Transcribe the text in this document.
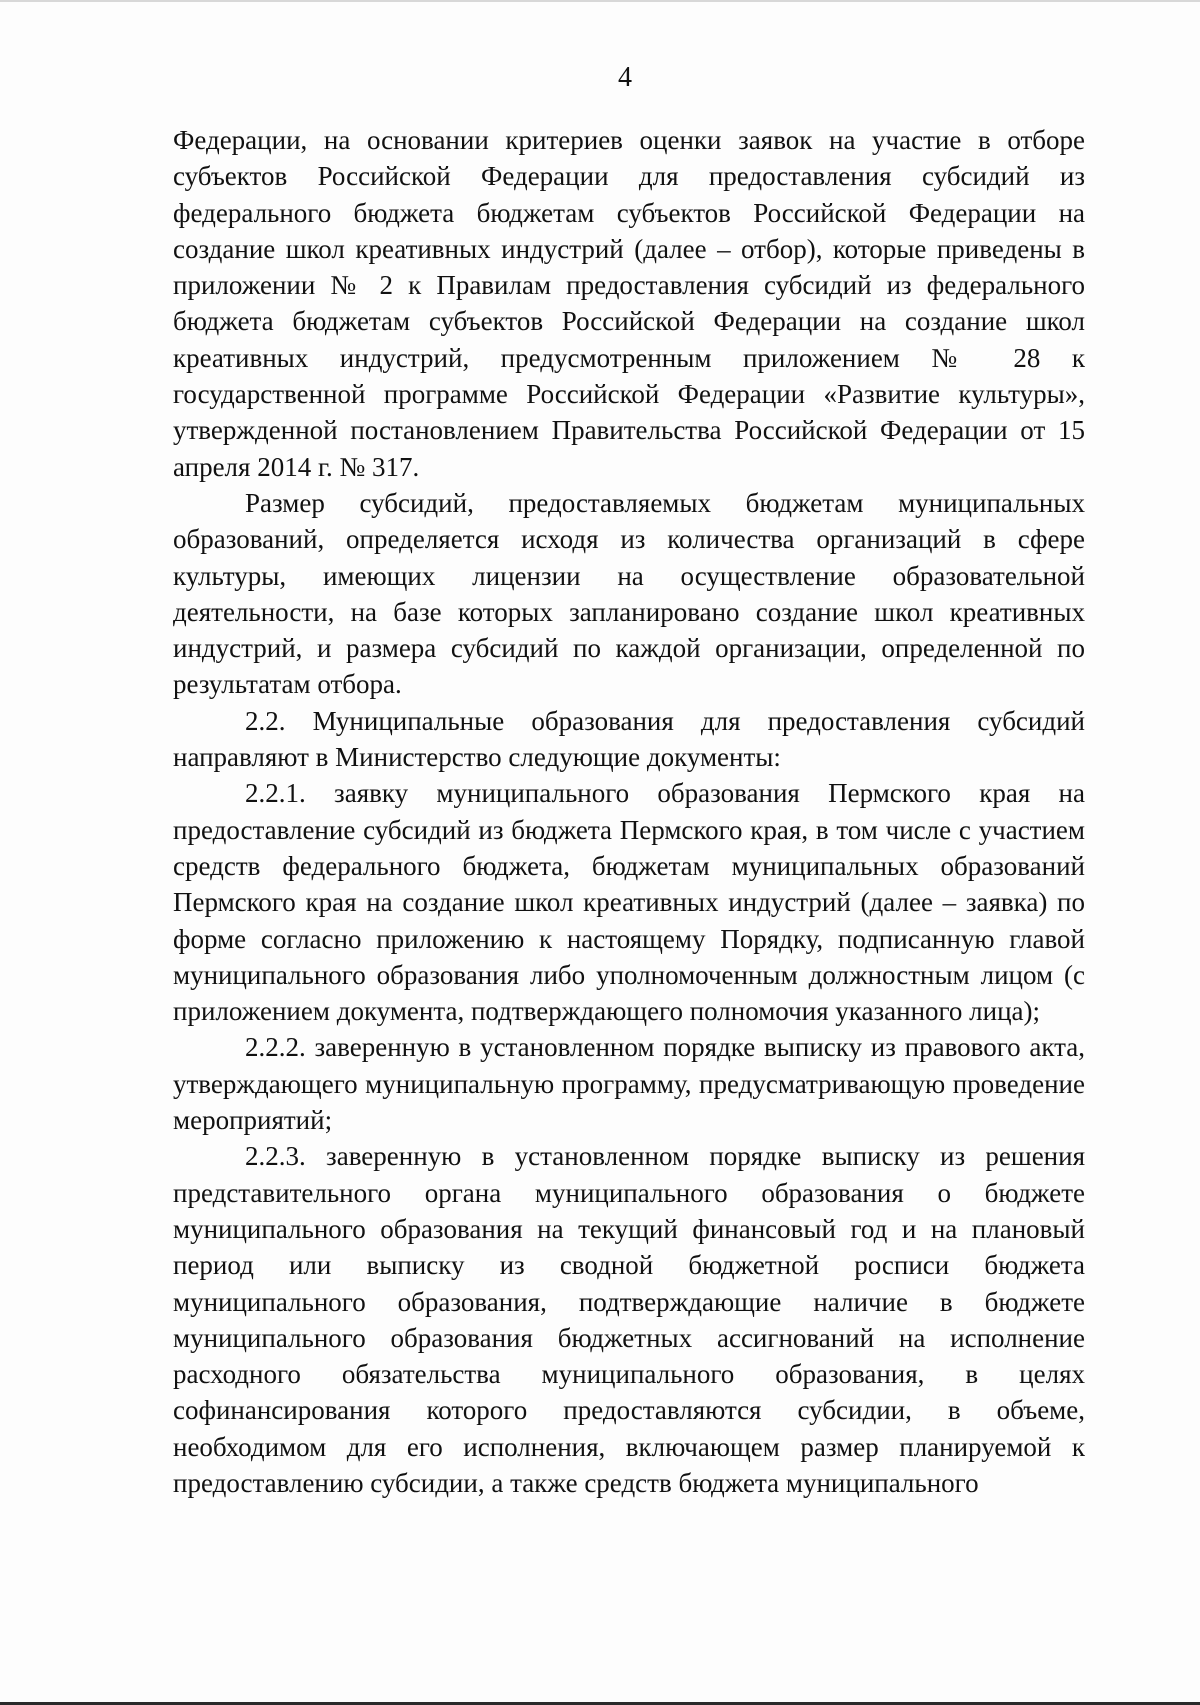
4

Федерации, на основании критериев оценки заявок на участие в отборе субъектов Российской Федерации для предоставления субсидий из федерального бюджета бюджетам субъектов Российской Федерации на создание школ креативных индустрий (далее – отбор), которые приведены в приложении № 2 к Правилам предоставления субсидий из федерального бюджета бюджетам субъектов Российской Федерации на создание школ креативных индустрий, предусмотренным приложением № 28 к государственной программе Российской Федерации «Развитие культуры», утвержденной постановлением Правительства Российской Федерации от 15 апреля 2014 г. № 317.

Размер субсидий, предоставляемых бюджетам муниципальных образований, определяется исходя из количества организаций в сфере культуры, имеющих лицензии на осуществление образовательной деятельности, на базе которых запланировано создание школ креативных индустрий, и размера субсидий по каждой организации, определенной по результатам отбора.

2.2. Муниципальные образования для предоставления субсидий направляют в Министерство следующие документы:

2.2.1. заявку муниципального образования Пермского края на предоставление субсидий из бюджета Пермского края, в том числе с участием средств федерального бюджета, бюджетам муниципальных образований Пермского края на создание школ креативных индустрий (далее – заявка) по форме согласно приложению к настоящему Порядку, подписанную главой муниципального образования либо уполномоченным должностным лицом (с приложением документа, подтверждающего полномочия указанного лица);

2.2.2. заверенную в установленном порядке выписку из правового акта, утверждающего муниципальную программу, предусматривающую проведение мероприятий;

2.2.3. заверенную в установленном порядке выписку из решения представительного органа муниципального образования о бюджете муниципального образования на текущий финансовый год и на плановый период или выписку из сводной бюджетной росписи бюджета муниципального образования, подтверждающие наличие в бюджете муниципального образования бюджетных ассигнований на исполнение расходного обязательства муниципального образования, в целях софинансирования которого предоставляются субсидии, в объеме, необходимом для его исполнения, включающем размер планируемой к предоставлению субсидии, а также средств бюджета муниципального
